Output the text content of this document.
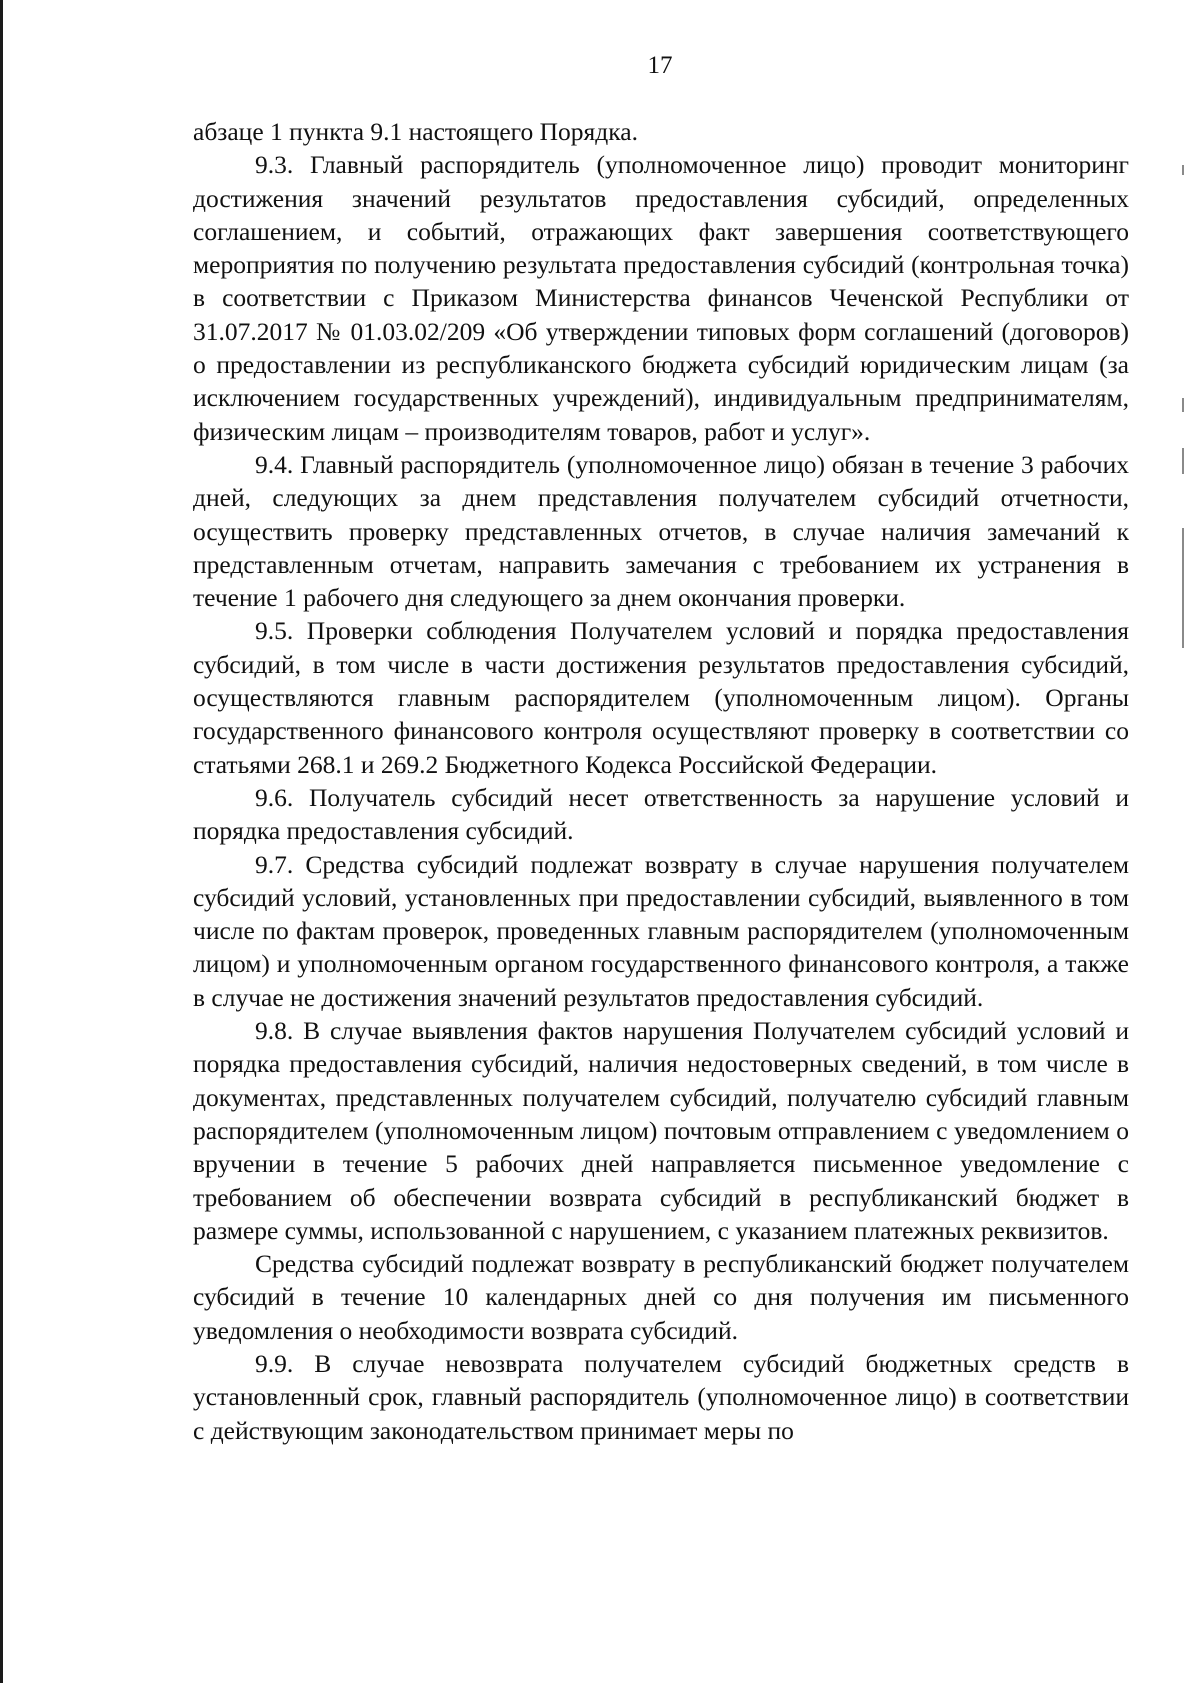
17

абзаце 1 пункта 9.1 настоящего Порядка.

9.3. Главный распорядитель (уполномоченное лицо) проводит мониторинг достижения значений результатов предоставления субсидий, определенных соглашением, и событий, отражающих факт завершения соответствующего мероприятия по получению результата предоставления субсидий (контрольная точка) в соответствии с Приказом Министерства финансов Чеченской Республики от 31.07.2017 № 01.03.02/209 «Об утверждении типовых форм соглашений (договоров) о предоставлении из республиканского бюджета субсидий юридическим лицам (за исключением государственных учреждений), индивидуальным предпринимателям, физическим лицам – производителям товаров, работ и услуг».

9.4. Главный распорядитель (уполномоченное лицо) обязан в течение 3 рабочих дней, следующих за днем представления получателем субсидий отчетности, осуществить проверку представленных отчетов, в случае наличия замечаний к представленным отчетам, направить замечания с требованием их устранения в течение 1 рабочего дня следующего за днем окончания проверки.

9.5. Проверки соблюдения Получателем условий и порядка предоставления субсидий, в том числе в части достижения результатов предоставления субсидий, осуществляются главным распорядителем (уполномоченным лицом). Органы государственного финансового контроля осуществляют проверку в соответствии со статьями 268.1 и 269.2 Бюджетного Кодекса Российской Федерации.

9.6. Получатель субсидий несет ответственность за нарушение условий и порядка предоставления субсидий.

9.7. Средства субсидий подлежат возврату в случае нарушения получателем субсидий условий, установленных при предоставлении субсидий, выявленного в том числе по фактам проверок, проведенных главным распорядителем (уполномоченным лицом) и уполномоченным органом государственного финансового контроля, а также в случае не достижения значений результатов предоставления субсидий.

9.8. В случае выявления фактов нарушения Получателем субсидий условий и порядка предоставления субсидий, наличия недостоверных сведений, в том числе в документах, представленных получателем субсидий, получателю субсидий главным распорядителем (уполномоченным лицом) почтовым отправлением с уведомлением о вручении в течение 5 рабочих дней направляется письменное уведомление с требованием об обеспечении возврата субсидий в республиканский бюджет в размере суммы, использованной с нарушением, с указанием платежных реквизитов.

Средства субсидий подлежат возврату в республиканский бюджет получателем субсидий в течение 10 календарных дней со дня получения им письменного уведомления о необходимости возврата субсидий.

9.9. В случае невозврата получателем субсидий бюджетных средств в установленный срок, главный распорядитель (уполномоченное лицо) в соответствии с действующим законодательством принимает меры по
